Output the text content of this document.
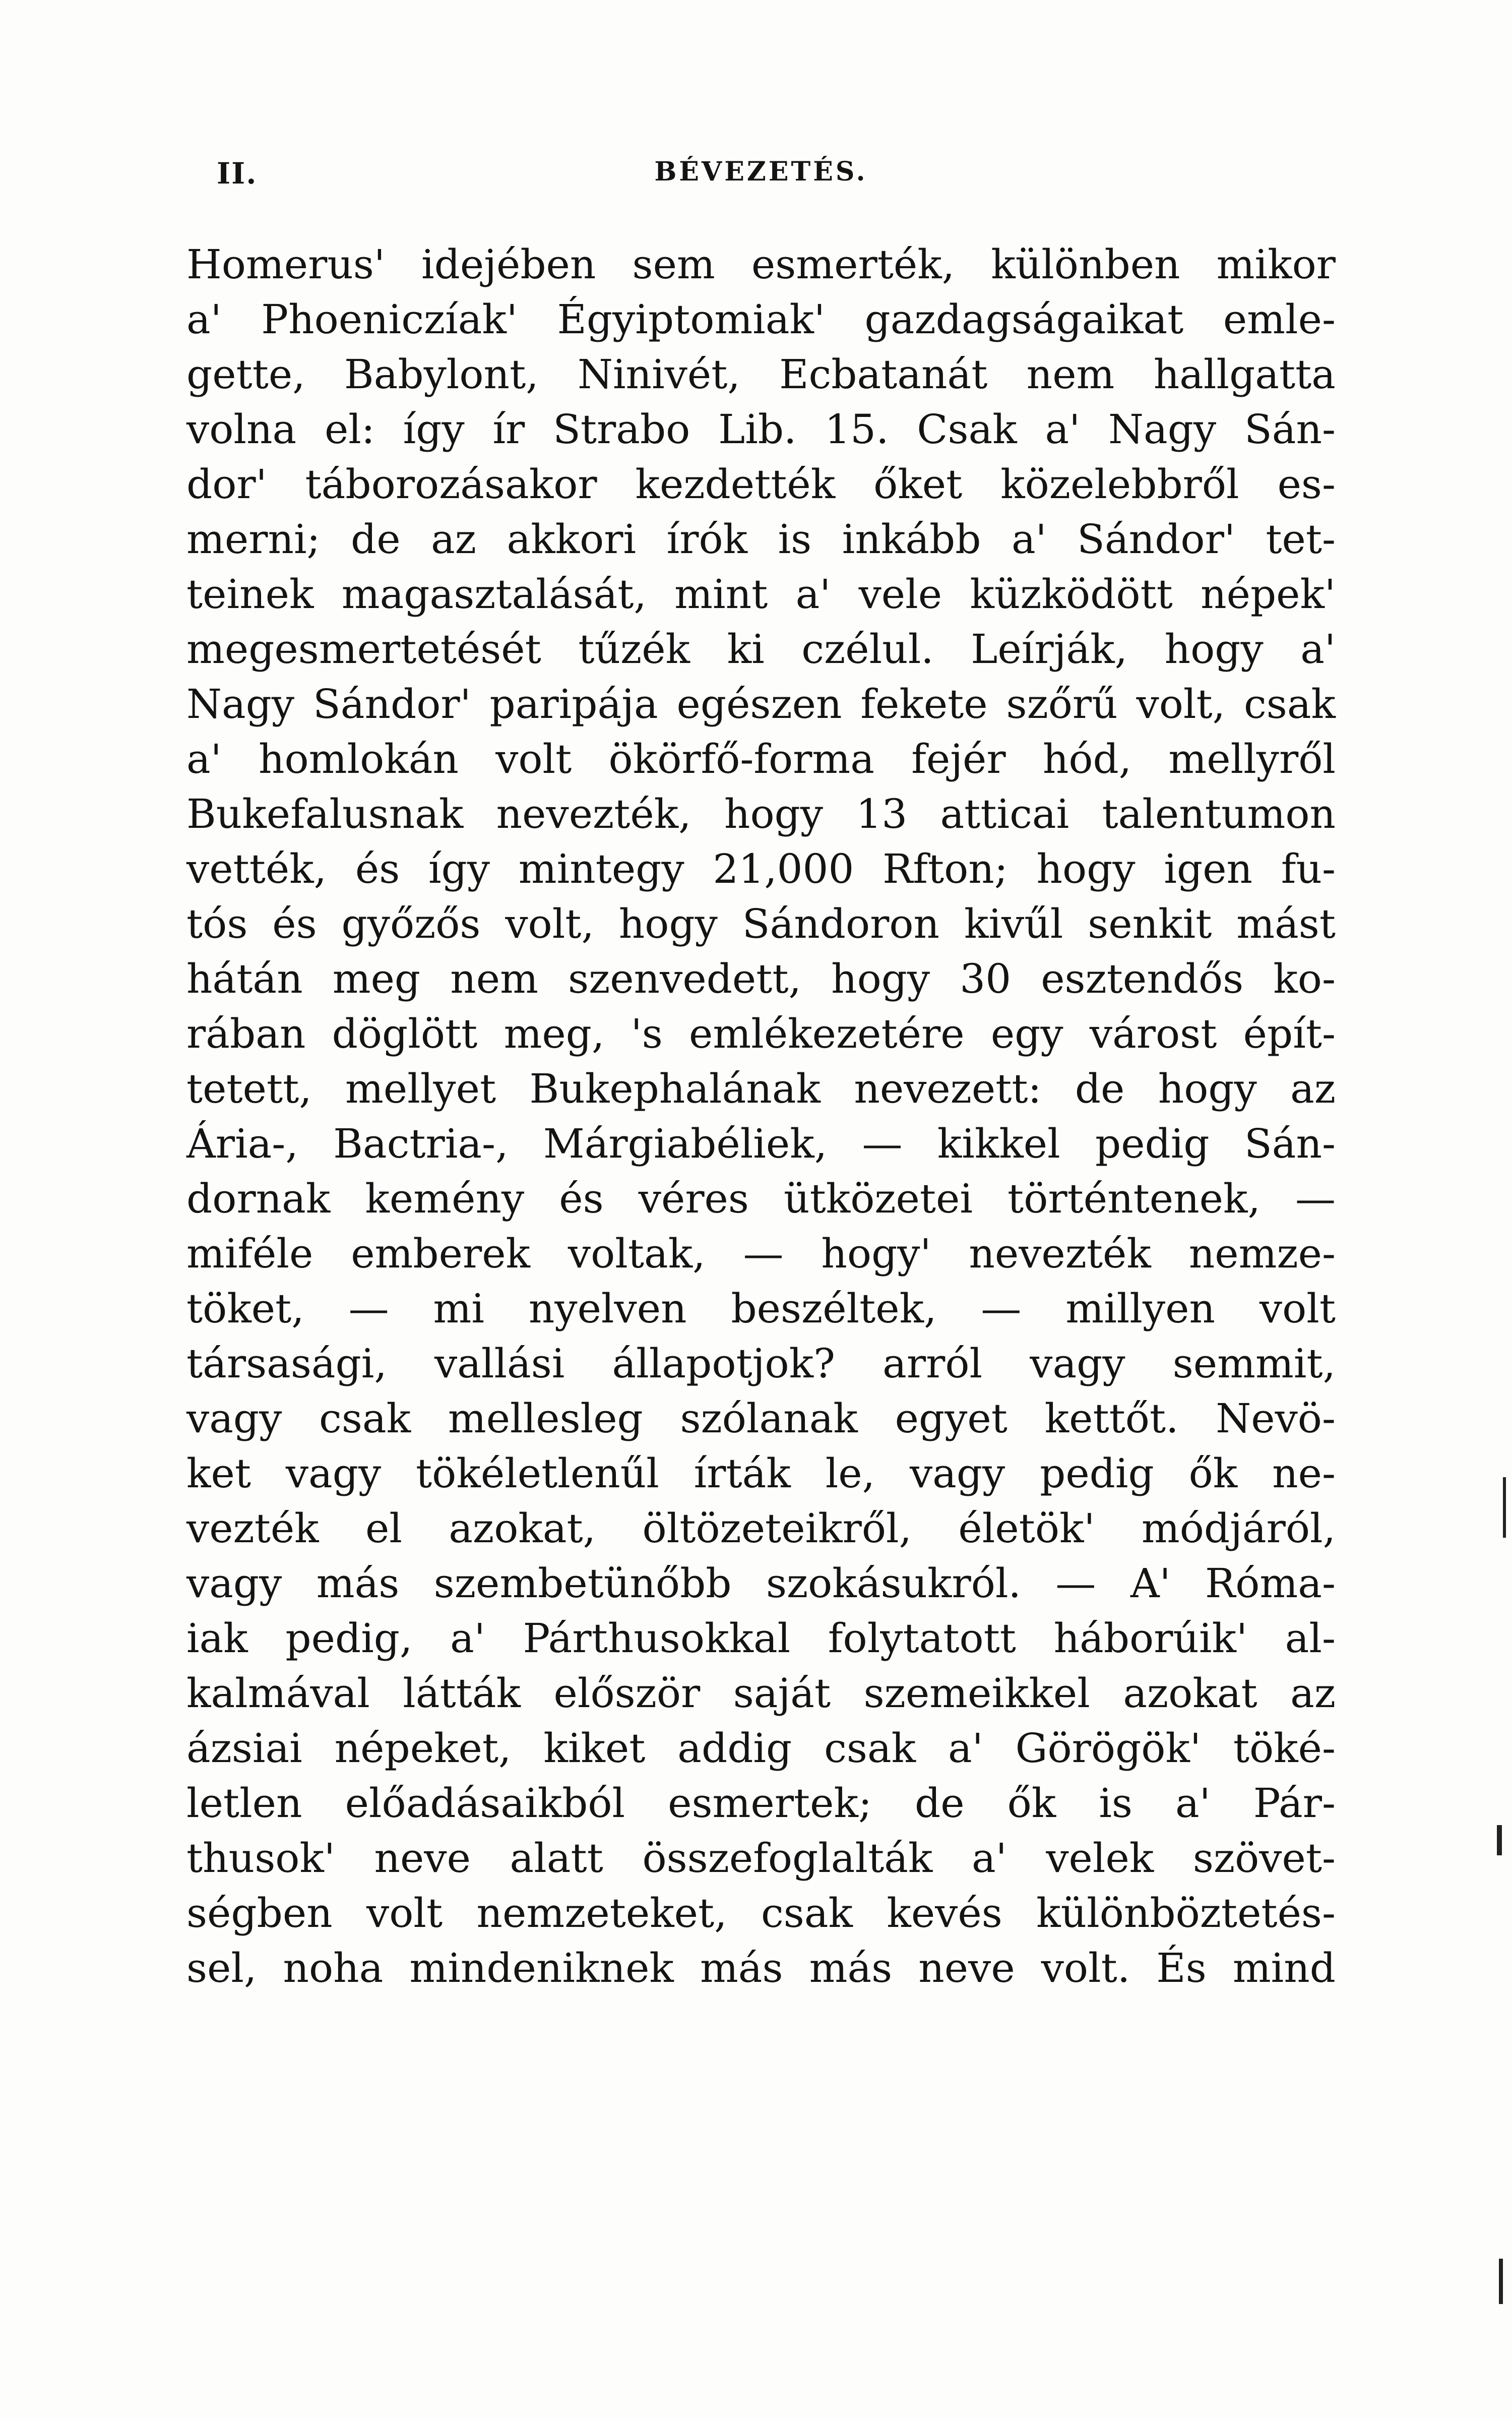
II.	BÉVEZETÉS.
Homerus' idejében sem esmerték, különben mikor
a' Phoeniczíak' Égyiptomiak' gazdagságaikat emle-
gette, Babylont, Ninivét, Ecbatanát nem hallgatta
volna el: így ír Strabo Lib. 15. Csak a' Nagy Sán-
dor' táborozásakor kezdették őket közelebbről es-
merni; de az akkori írók is inkább a' Sándor' tet-
teinek magasztalását, mint a' vele küzködött népek'
megesmertetését tűzék ki czélul. Leírják, hogy a'
Nagy Sándor' paripája egészen fekete szőrű volt, csak
a' homlokán volt ökörfő-forma fejér hód, mellyről
Bukefalusnak nevezték, hogy 13 atticai talentumon
vették, és így mintegy 21,000 Rfton; hogy igen fu-
tós és győzős volt, hogy Sándoron kivűl senkit mást
hátán meg nem szenvedett, hogy 30 esztendős ko-
rában döglött meg, 's emlékezetére egy várost épít-
tetett, mellyet Bukephalának nevezett: de hogy az
Ária-, Bactria-, Márgiabéliek, — kikkel pedig Sán-
dornak kemény és véres ütközetei történtenek, —
miféle emberek voltak, — hogy' nevezték nemze-
töket, — mi nyelven beszéltek, — millyen volt
társasági, vallási állapotjok? arról vagy semmit,
vagy csak mellesleg szólanak egyet kettőt. Nevö-
ket vagy tökéletlenűl írták le, vagy pedig ők ne-
vezték el azokat, öltözeteikről, életök' módjáról,
vagy más szembetünőbb szokásukról. — A' Róma-
iak pedig, a' Párthusokkal folytatott háborúik' al-
kalmával látták először saját szemeikkel azokat az
ázsiai népeket, kiket addig csak a' Görögök' töké-
letlen előadásaikból esmertek; de ők is a' Pár-
thusok' neve alatt összefoglalták a' velek szövet-
ségben volt nemzeteket, csak kevés különböztetés-
sel, noha mindeniknek más más neve volt. És mind
